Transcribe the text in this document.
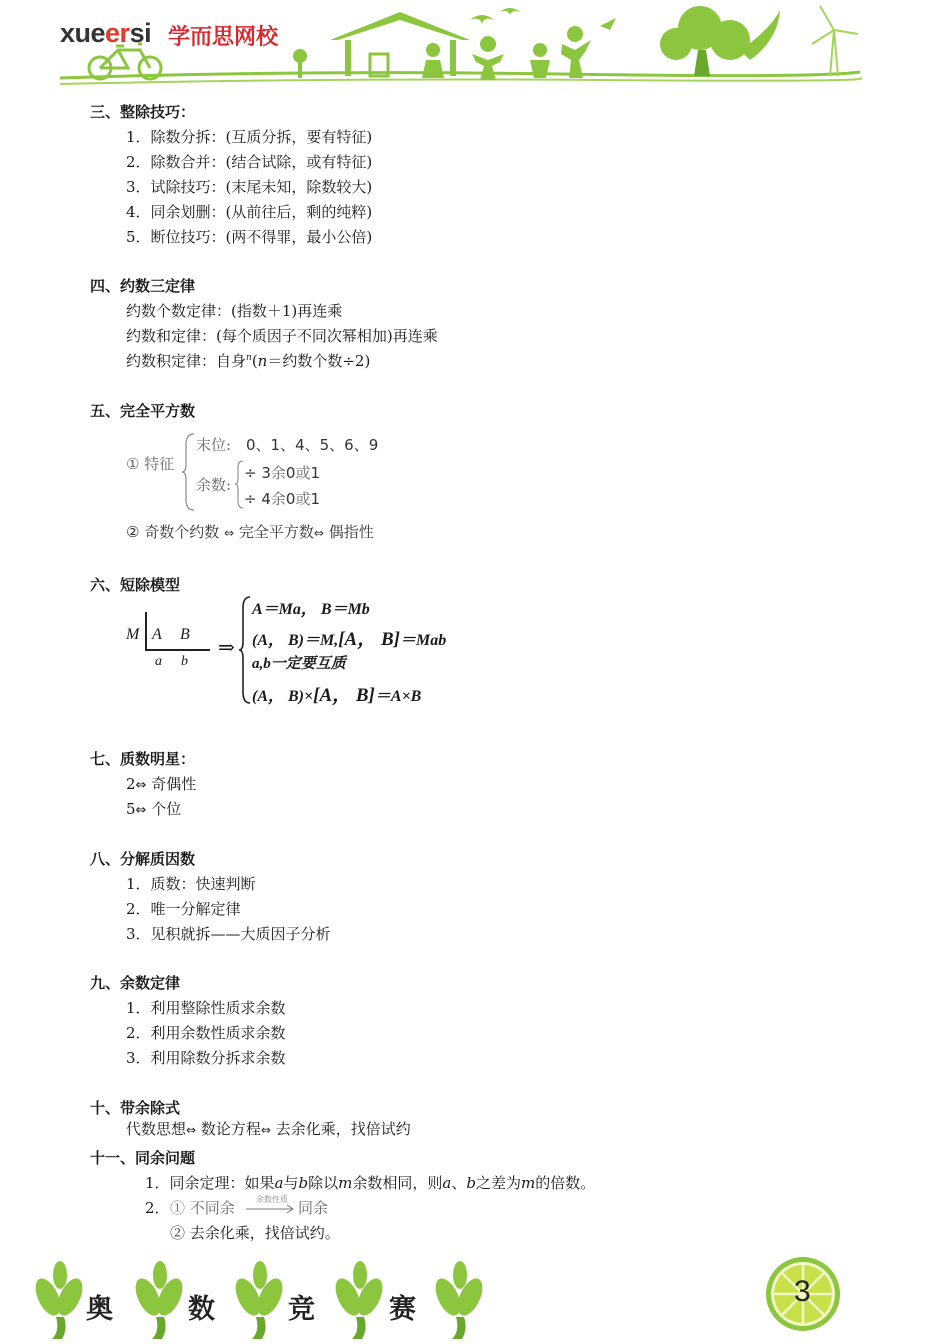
xueersi 学而思网校
三、整除技巧：
1．除数分拆：(互质分拆，要有特征)
2．除数合并：(结合试除，或有特征)
3．试除技巧：(末尾未知，除数较大)
4．同余划删：(从前往后，剩的纯粹)
5．断位技巧：(两不得罪，最小公倍)
四、约数三定律
约数个数定律：(指数＋1)再连乘
约数和定律：(每个质因子不同次幂相加)再连乘
约数积定律：自身$^n$(n＝约数个数÷2)
五、完全平方数
① 特征
末位: 0、1、4、5、6、9
余数:
÷ 3余0或1
÷ 4余0或1
② 奇数个约数 ⇔ 完全平方数⇔ 偶指性
六、短除模型
M A B
a b
⇒
A＝Ma， B＝Mb
(A， B)＝M,[A， B]＝Mab
a,b一定要互质
(A， B)×[A， B]＝A×B
七、质数明星：
2⇔ 奇偶性
5⇔ 个位
八、分解质因数
1．质数：快速判断
2．唯一分解定律
3．见积就拆——大质因子分析
九、余数定律
1．利用整除性质求余数
2．利用余数性质求余数
3．利用除数分拆求余数
十、带余除式
代数思想⇔ 数论方程⇔ 去余化乘，找倍试约
十一、同余问题
1．同余定理：如果a与b除以m余数相同，则a、b之差为m的倍数。
2． ① 不同余	余数性质 同余
② 去余化乘，找倍试约。
奥	数	竞	赛
3
